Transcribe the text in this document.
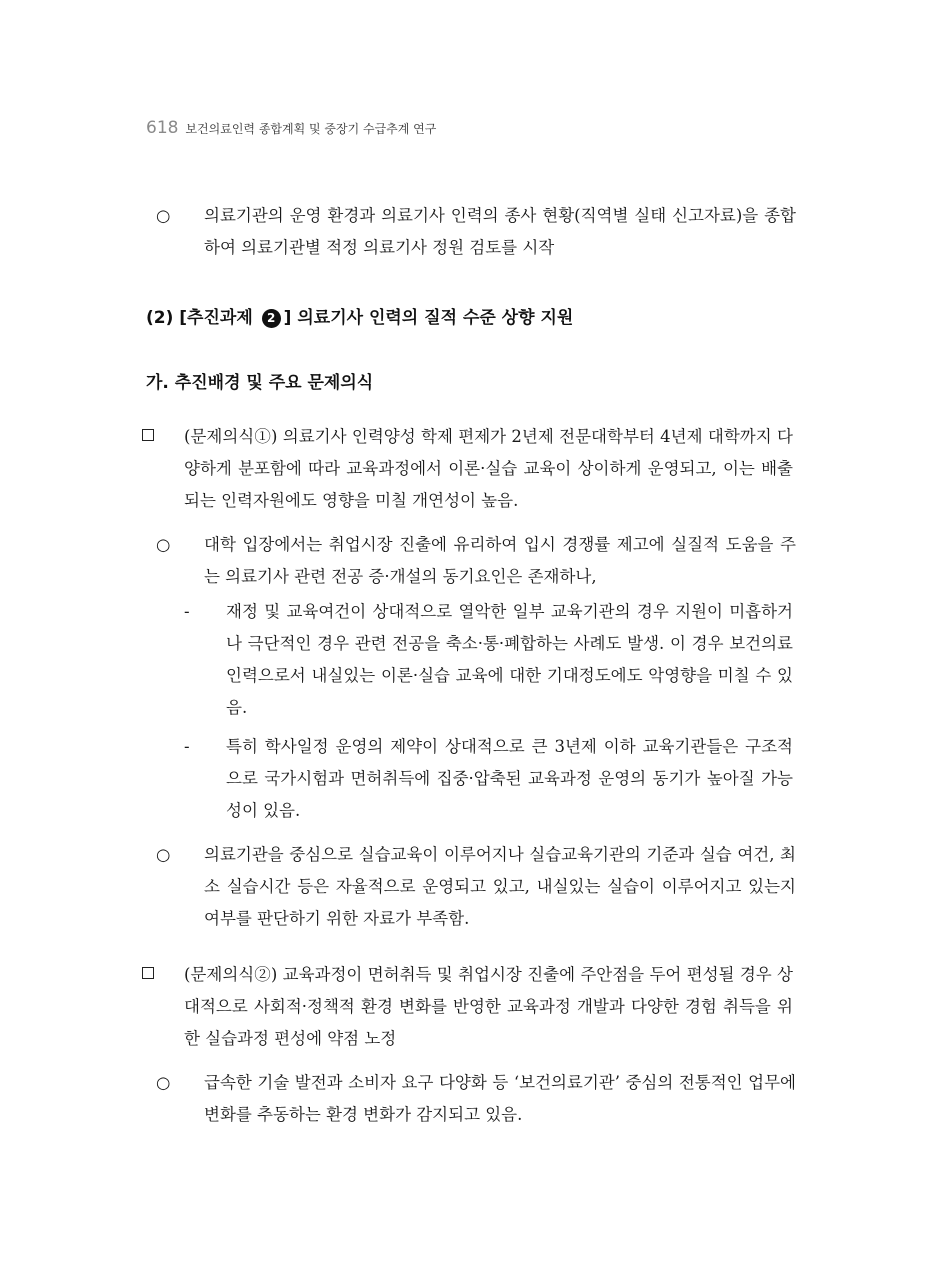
618 보건의료인력 종합계획 및 중장기 수급추계 연구

○ 의료기관의 운영 환경과 의료기사 인력의 종사 현황(직역별 실태 신고자료)을 종합하여 의료기관별 적정 의료기사 정원 검토를 시작

(2) [추진과제 2 ] 의료기사 인력의 질적 수준 상향 지원
가. 추진배경 및 주요 문제의식

(문제의식①) 의료기사 인력양성 학제 편제가 2년제 전문대학부터 4년제 대학까지 다양하게 분포함에 따라 교육과정에서 이론·실습 교육이 상이하게 운영되고, 이는 배출되는 인력자원에도 영향을 미칠 개연성이 높음.

○ 대학 입장에서는 취업시장 진출에 유리하여 입시 경쟁률 제고에 실질적 도움을 주는 의료기사 관련 전공 증·개설의 동기요인은 존재하나,

- 재정 및 교육여건이 상대적으로 열악한 일부 교육기관의 경우 지원이 미흡하거나 극단적인 경우 관련 전공을 축소·통·폐합하는 사례도 발생. 이 경우 보건의료인력으로서 내실있는 이론·실습 교육에 대한 기대정도에도 악영향을 미칠 수 있음.

- 특히 학사일정 운영의 제약이 상대적으로 큰 3년제 이하 교육기관들은 구조적으로 국가시험과 면허취득에 집중·압축된 교육과정 운영의 동기가 높아질 가능성이 있음.

○ 의료기관을 중심으로 실습교육이 이루어지나 실습교육기관의 기준과 실습 여건, 최소 실습시간 등은 자율적으로 운영되고 있고, 내실있는 실습이 이루어지고 있는지 여부를 판단하기 위한 자료가 부족함.

(문제의식②) 교육과정이 면허취득 및 취업시장 진출에 주안점을 두어 편성될 경우 상대적으로 사회적·정책적 환경 변화를 반영한 교육과정 개발과 다양한 경험 취득을 위한 실습과정 편성에 약점 노정

○ 급속한 기술 발전과 소비자 요구 다양화 등 ‘보건의료기관’ 중심의 전통적인 업무에 변화를 추동하는 환경 변화가 감지되고 있음.
